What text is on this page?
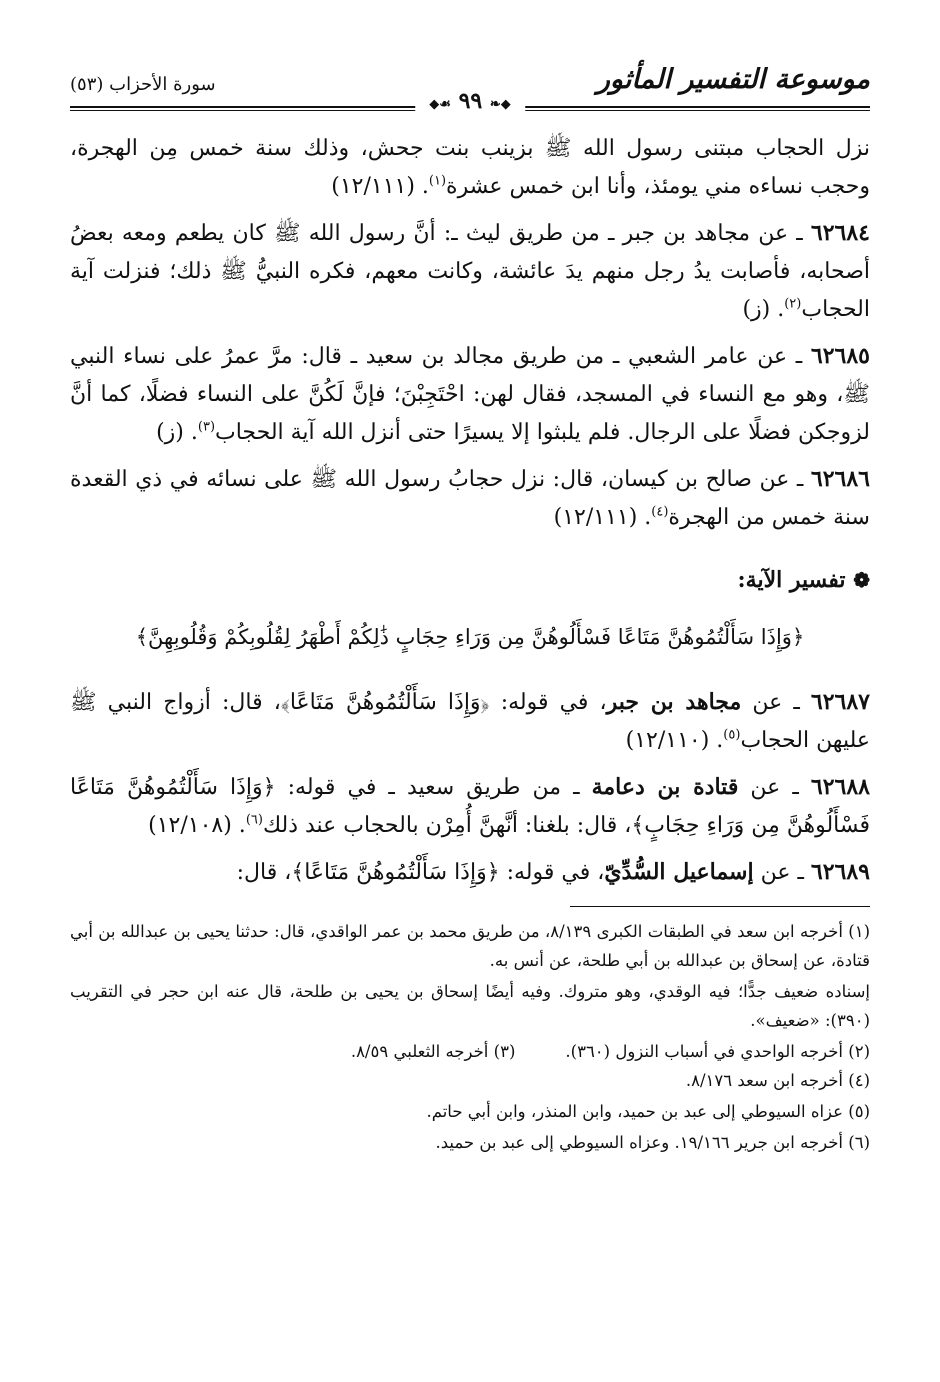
موسوعة التفسير المأثور
سورة الأحزاب (٥٣)
◆❧ ٩٩ ☙◆

نزل الحجاب مبتنى رسول الله ﷺ بزينب بنت جحش، وذلك سنة خمس مِن الهجرة، وحجب نساءه مني يومئذ، وأنا ابن خمس عشرة$^{(١)}$. (١٢/١١١)

٦٢٦٨٤ ـ عن مجاهد بن جبر ـ من طريق ليث ـ: أنَّ رسول الله ﷺ كان يطعم ومعه بعضُ أصحابه، فأصابت يدُ رجل منهم يدَ عائشة، وكانت معهم، فكره النبيُّ ﷺ ذلك؛ فنزلت آية الحجاب$^{(٢)}$. (ز)

٦٢٦٨٥ ـ عن عامر الشعبي ـ من طريق مجالد بن سعيد ـ قال: مرَّ عمرُ على نساء النبي ﷺ، وهو مع النساء في المسجد، فقال لهن: احْتَجِبْنَ؛ فإنَّ لَكُنَّ على النساء فضلًا، كما أنَّ لزوجكن فضلًا على الرجال. فلم يلبثوا إلا يسيرًا حتى أنزل الله آية الحجاب$^{(٣)}$. (ز)

٦٢٦٨٦ ـ عن صالح بن كيسان، قال: نزل حجابُ رسول الله ﷺ على نسائه في ذي القعدة سنة خمس من الهجرة$^{(٤)}$. (١٢/١١١)

❁ تفسير الآية:
﴿وَإِذَا سَأَلْتُمُوهُنَّ مَتَاعًا فَسْأَلُوهُنَّ مِن وَرَاءِ حِجَابٍ ذَٰلِكُمْ أَطْهَرُ لِقُلُوبِكُمْ وَقُلُوبِهِنَّ﴾

٦٢٦٨٧ ـ عن مجاهد بن جبر، في قوله: ﴿وَإِذَا سَأَلْتُمُوهُنَّ مَتَاعًا﴾، قال: أزواج النبي ﷺ عليهن الحجاب$^{(٥)}$. (١٢/١١٠)

٦٢٦٨٨ ـ عن قتادة بن دعامة ـ من طريق سعيد ـ في قوله: ﴿وَإِذَا سَأَلْتُمُوهُنَّ مَتَاعًا فَسْأَلُوهُنَّ مِن وَرَاءِ حِجَابٍ﴾، قال: بلغنا: أنَّهنَّ أُمِرْن بالحجاب عند ذلك$^{(٦)}$. (١٢/١٠٨)

٦٢٦٨٩ ـ عن إسماعيل السُّدِّيّ، في قوله: ﴿وَإِذَا سَأَلْتُمُوهُنَّ مَتَاعًا﴾، قال:

(١) أخرجه ابن سعد في الطبقات الكبرى ٨/١٣٩، من طريق محمد بن عمر الواقدي، قال: حدثنا يحيى بن عبدالله بن أبي قتادة، عن إسحاق بن عبدالله بن أبي طلحة، عن أنس به.

إسناده ضعيف جدًّا؛ فيه الوقدي، وهو متروك. وفيه أيضًا إسحاق بن يحيى بن طلحة، قال عنه ابن حجر في التقريب (٣٩٠): «ضعيف».

(٢) أخرجه الواحدي في أسباب النزول (٣٦٠).
(٣) أخرجه الثعلبي ٨/٥٩.

(٤) أخرجه ابن سعد ٨/١٧٦.

(٥) عزاه السيوطي إلى عبد بن حميد، وابن المنذر، وابن أبي حاتم.

(٦) أخرجه ابن جرير ١٩/١٦٦. وعزاه السيوطي إلى عبد بن حميد.
